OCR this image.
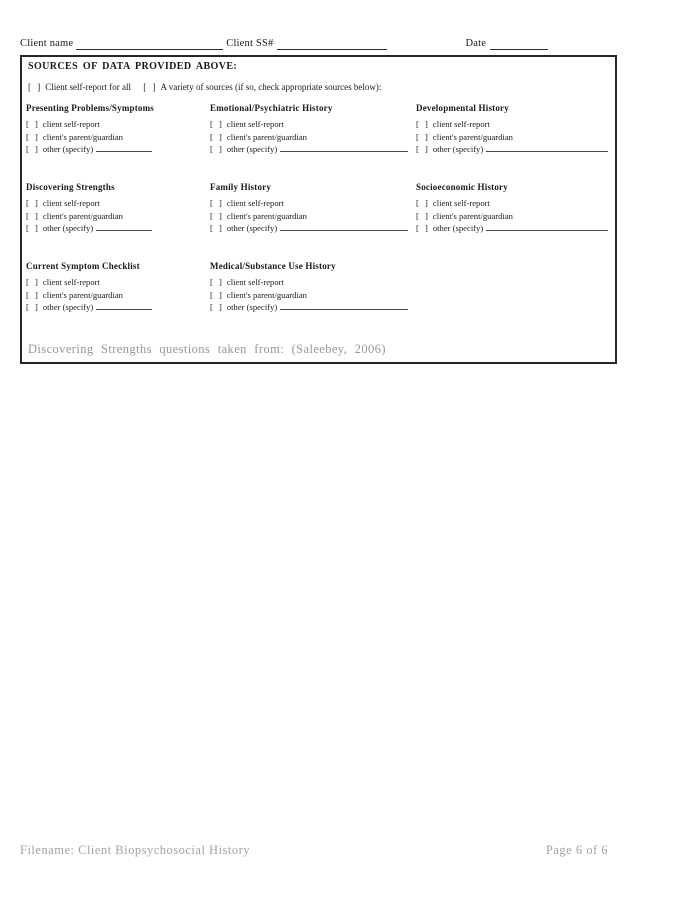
Client name	Client SS#	Date
SOURCES OF DATA PROVIDED ABOVE:
[ ] Client self-report for all [ ] A variety of sources (if so, check appropriate sources below):
Presenting Problems/Symptoms
[ ] client self-report
[ ] client's parent/guardian
[ ] other (specify)
Emotional/Psychiatric History
[ ] client self-report
[ ] client's parent/guardian
[ ] other (specify)
Developmental History
[ ] client self-report
[ ] client's parent/guardian
[ ] other (specify)
Discovering Strengths
[ ] client self-report
[ ] client's parent/guardian
[ ] other (specify)
Family History
[ ] client self-report
[ ] client's parent/guardian
[ ] other (specify)
Socioeconomic History
[ ] client self-report
[ ] client's parent/guardian
[ ] other (specify)
Current Symptom Checklist
[ ] client self-report
[ ] client's parent/guardian
[ ] other (specify)
Medical/Substance Use History
[ ] client self-report
[ ] client's parent/guardian
[ ] other (specify)
Discovering Strengths questions taken from: (Saleebey, 2006)
Filename: Client Biopsychosocial History	Page 6 of 6
